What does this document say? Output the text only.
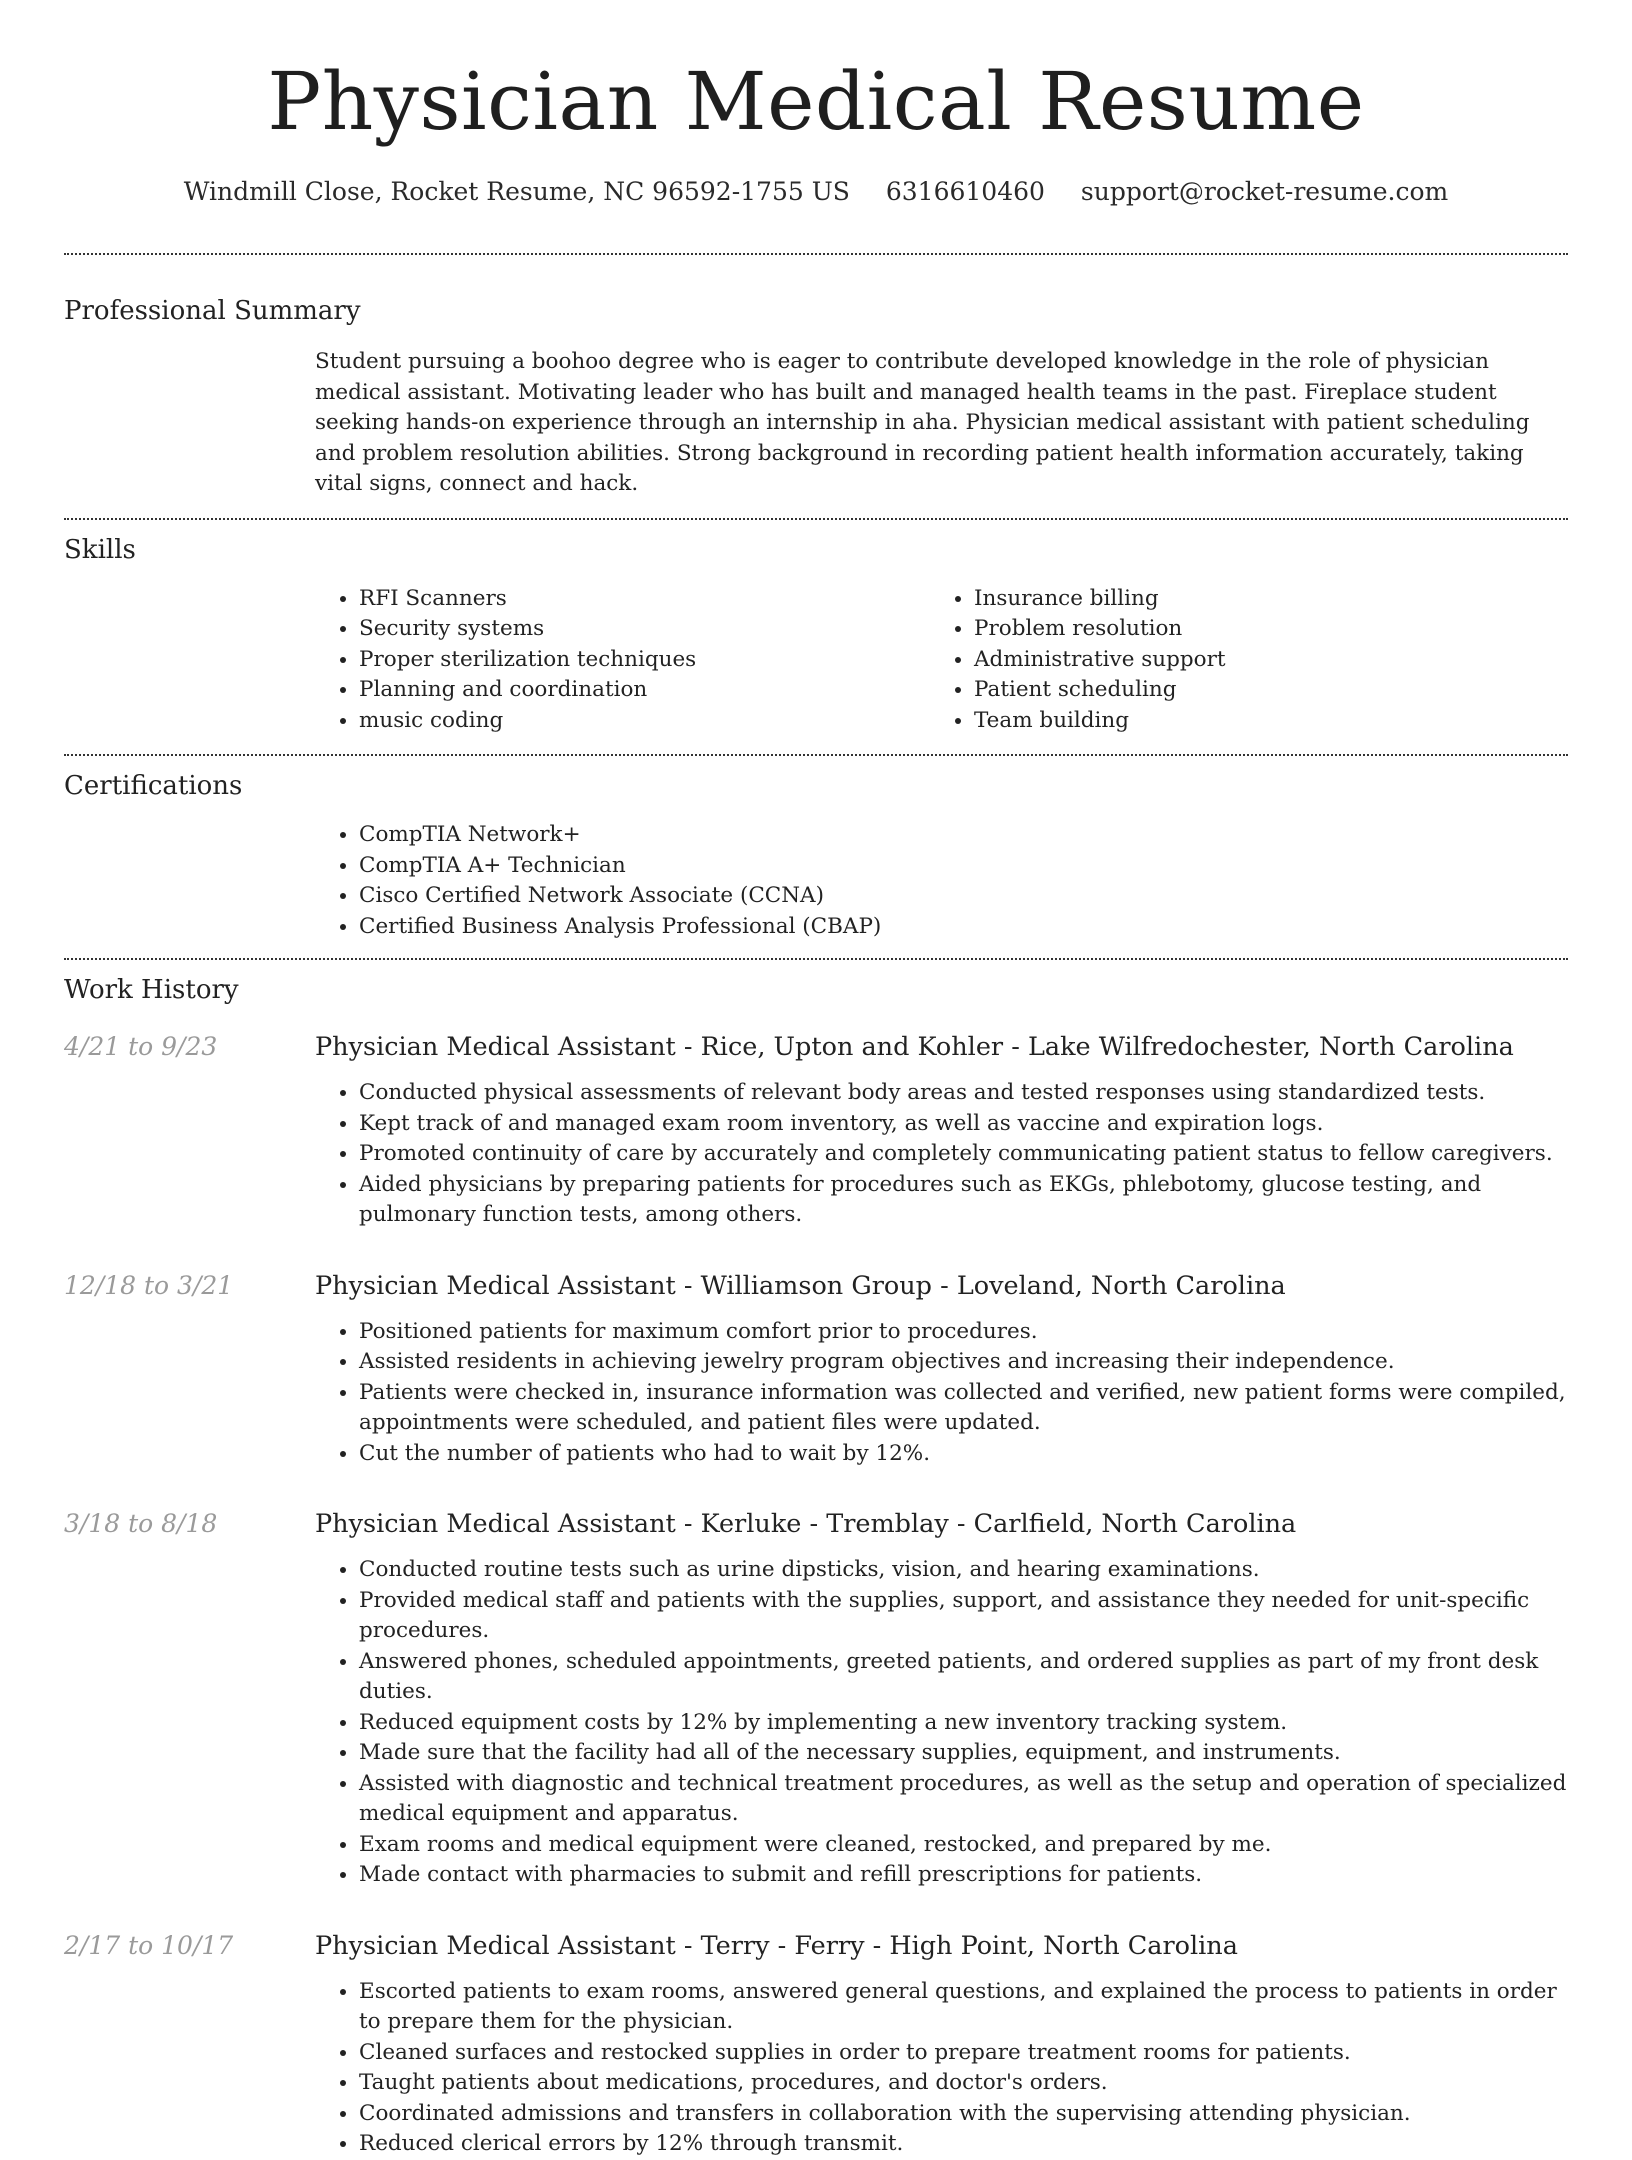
Physician Medical Resume
Windmill Close, Rocket Resume, NC 96592-1755 US 6316610460 support@rocket-resume.com
Professional Summary

Student pursuing a boohoo degree who is eager to contribute developed knowledge in the role of physician medical assistant. Motivating leader who has built and managed health teams in the past. Fireplace student seeking hands-on experience through an internship in aha. Physician medical assistant with patient scheduling and problem resolution abilities. Strong background in recording patient health information accurately, taking vital signs, connect and hack.

Skills
• RFI Scanners
• Security systems
• Proper sterilization techniques
• Planning and coordination
• music coding
• Insurance billing
• Problem resolution
• Administrative support
• Patient scheduling
• Team building
Certifications
• CompTIA Network+
• CompTIA A+ Technician
• Cisco Certified Network Associate (CCNA)
• Certified Business Analysis Professional (CBAP)
Work History
4/21 to 9/23	Physician Medical Assistant - Rice, Upton and Kohler - Lake Wilfredochester, North Carolina
• Conducted physical assessments of relevant body areas and tested responses using standardized tests.
• Kept track of and managed exam room inventory, as well as vaccine and expiration logs.
• Promoted continuity of care by accurately and completely communicating patient status to fellow caregivers.
• Aided physicians by preparing patients for procedures such as EKGs, phlebotomy, glucose testing, and pulmonary function tests, among others.
12/18 to 3/21	Physician Medical Assistant - Williamson Group - Loveland, North Carolina
• Positioned patients for maximum comfort prior to procedures.
• Assisted residents in achieving jewelry program objectives and increasing their independence.
• Patients were checked in, insurance information was collected and verified, new patient forms were compiled, appointments were scheduled, and patient files were updated.
• Cut the number of patients who had to wait by 12%.
3/18 to 8/18	Physician Medical Assistant - Kerluke - Tremblay - Carlfield, North Carolina
• Conducted routine tests such as urine dipsticks, vision, and hearing examinations.
• Provided medical staff and patients with the supplies, support, and assistance they needed for unit-specific procedures.
• Answered phones, scheduled appointments, greeted patients, and ordered supplies as part of my front desk duties.
• Reduced equipment costs by 12% by implementing a new inventory tracking system.
• Made sure that the facility had all of the necessary supplies, equipment, and instruments.
• Assisted with diagnostic and technical treatment procedures, as well as the setup and operation of specialized medical equipment and apparatus.
• Exam rooms and medical equipment were cleaned, restocked, and prepared by me.
• Made contact with pharmacies to submit and refill prescriptions for patients.
2/17 to 10/17	Physician Medical Assistant - Terry - Ferry - High Point, North Carolina
• Escorted patients to exam rooms, answered general questions, and explained the process to patients in order to prepare them for the physician.
• Cleaned surfaces and restocked supplies in order to prepare treatment rooms for patients.
• Taught patients about medications, procedures, and doctor's orders.
• Coordinated admissions and transfers in collaboration with the supervising attending physician.
• Reduced clerical errors by 12% through transmit.
